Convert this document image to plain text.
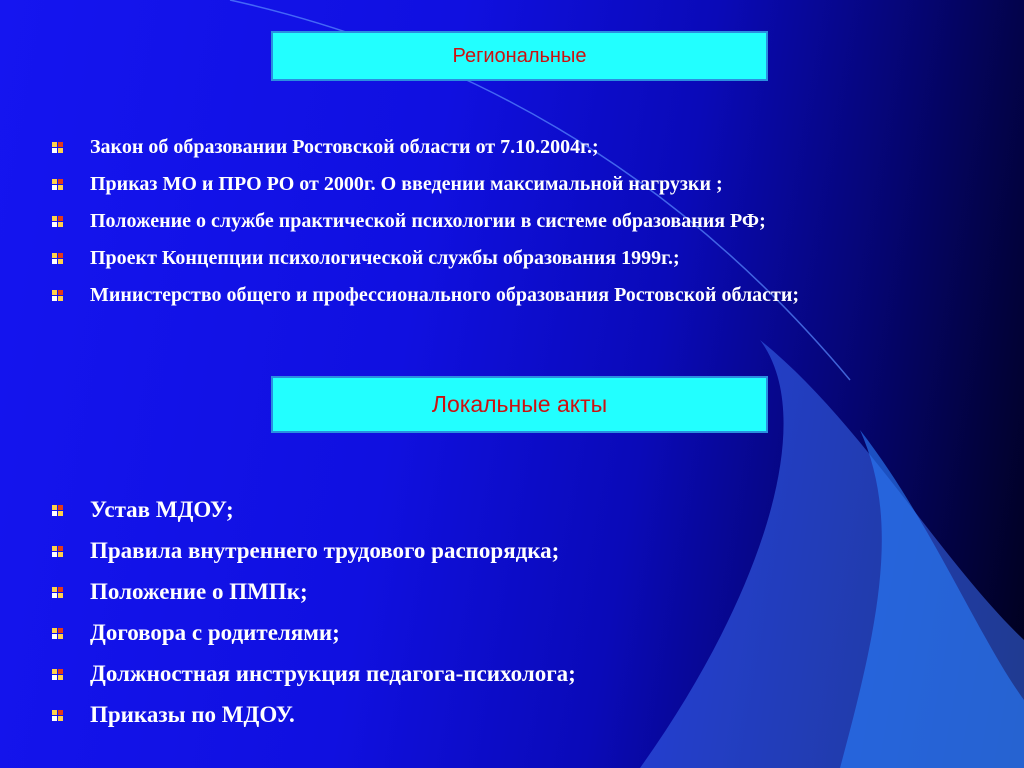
Региональные
Закон об образовании Ростовской области от 7.10.2004г.;
Приказ МО и ПРО РО от 2000г. О введении максимальной нагрузки ;
Положение о службе практической психологии в системе образования РФ;
Проект Концепции психологической службы образования 1999г.;
Министерство общего и профессионального образования Ростовской области;
Локальные акты
Устав МДОУ;
Правила внутреннего трудового распорядка;
Положение о ПМПк;
Договора с родителями;
Должностная инструкция педагога-психолога;
Приказы по МДОУ.
